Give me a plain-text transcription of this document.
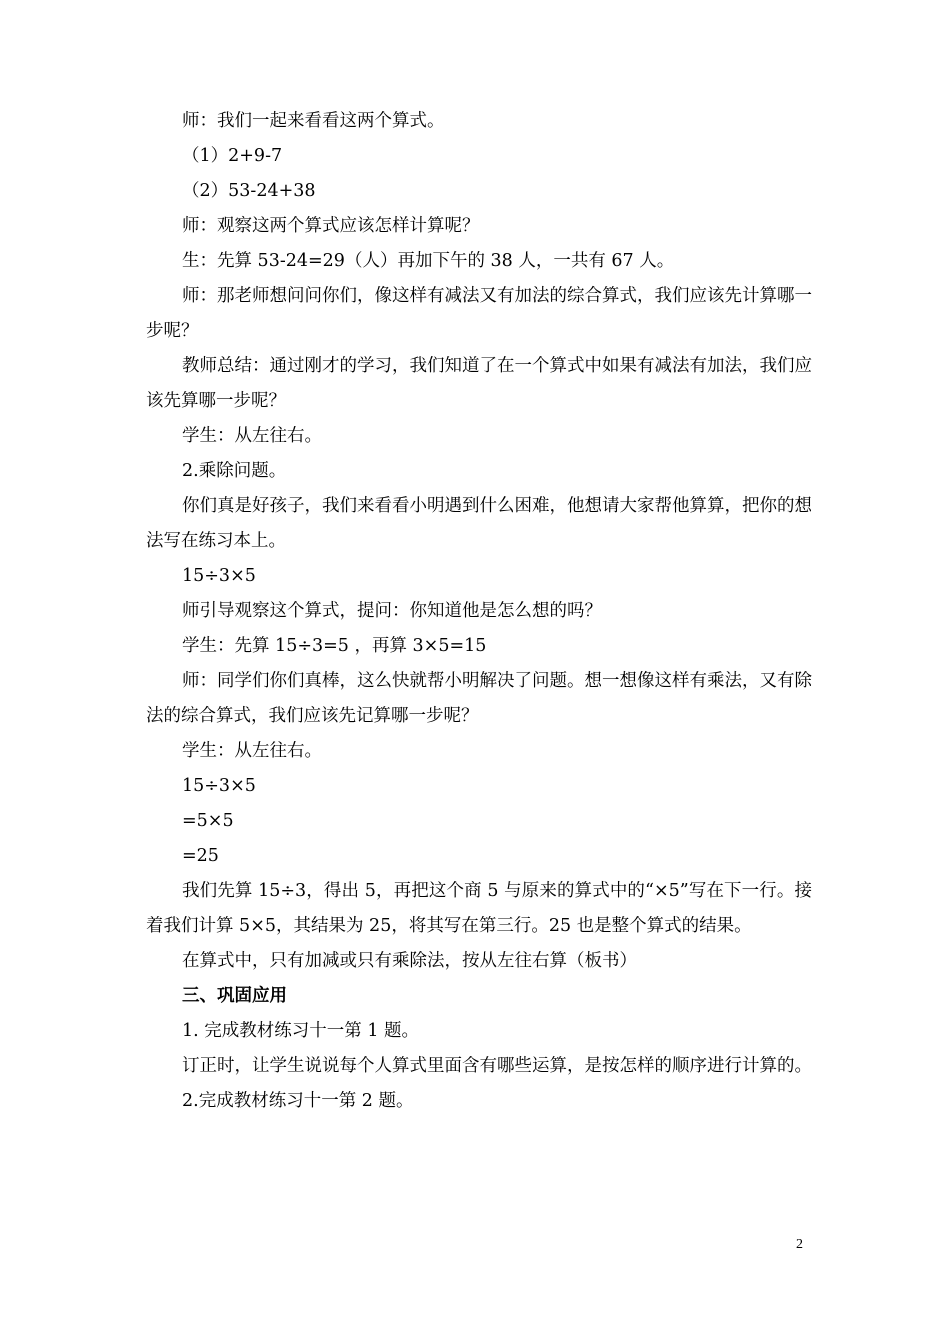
师：我们一起来看看这两个算式。

（1）2+9-7

（2）53-24+38

师：观察这两个算式应该怎样计算呢？

生：先算 53-24=29（人）再加下午的 38 人，一共有 67 人。

师：那老师想问问你们，像这样有减法又有加法的综合算式，我们应该先计算哪一步呢？

教师总结：通过刚才的学习，我们知道了在一个算式中如果有减法有加法，我们应该先算哪一步呢？

学生：从左往右。

2.乘除问题。

你们真是好孩子，我们来看看小明遇到什么困难，他想请大家帮他算算，把你的想法写在练习本上。

15÷3×5

师引导观察这个算式，提问：你知道他是怎么想的吗？

学生：先算 15÷3=5 ，再算 3×5=15

师：同学们你们真棒，这么快就帮小明解决了问题。想一想像这样有乘法，又有除法的综合算式，我们应该先记算哪一步呢？

学生：从左往右。

15÷3×5

=5×5

=25

我们先算 15÷3，得出 5，再把这个商 5 与原来的算式中的“×5”写在下一行。接着我们计算 5×5，其结果为 25，将其写在第三行。25 也是整个算式的结果。

在算式中，只有加减或只有乘除法，按从左往右算（板书）

三、巩固应用

1. 完成教材练习十一第 1 题。

订正时，让学生说说每个人算式里面含有哪些运算，是按怎样的顺序进行计算的。

2.完成教材练习十一第 2 题。

2
